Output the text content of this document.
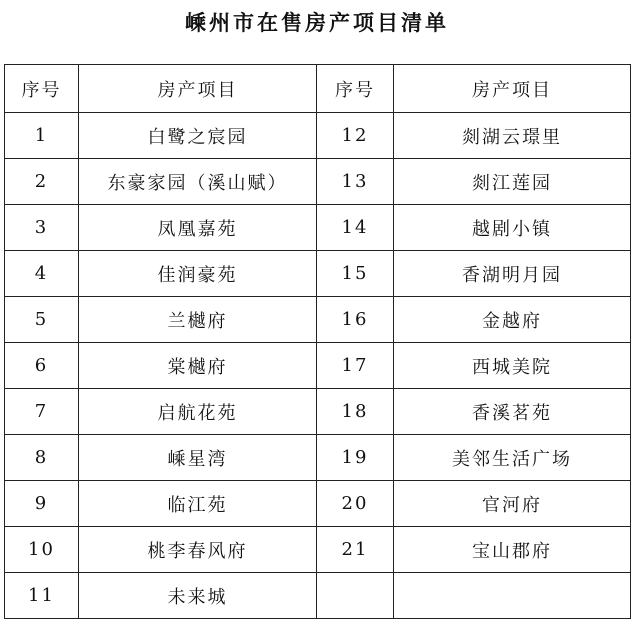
嵊州市在售房产项目清单
序号	房产项目	序号	房产项目
1	白鹭之宸园	12	剡湖云璟里
2	东豪家园（溪山赋）	13	剡江莲园
3	凤凰嘉苑	14	越剧小镇
4	佳润豪苑	15	香湖明月园
5	兰樾府	16	金越府
6	棠樾府	17	西城美院
7	启航花苑	18	香溪茗苑
8	嵊星湾	19	美邻生活广场
9	临江苑	20	官河府
10	桃李春风府	21	宝山郡府
11	未来城		
